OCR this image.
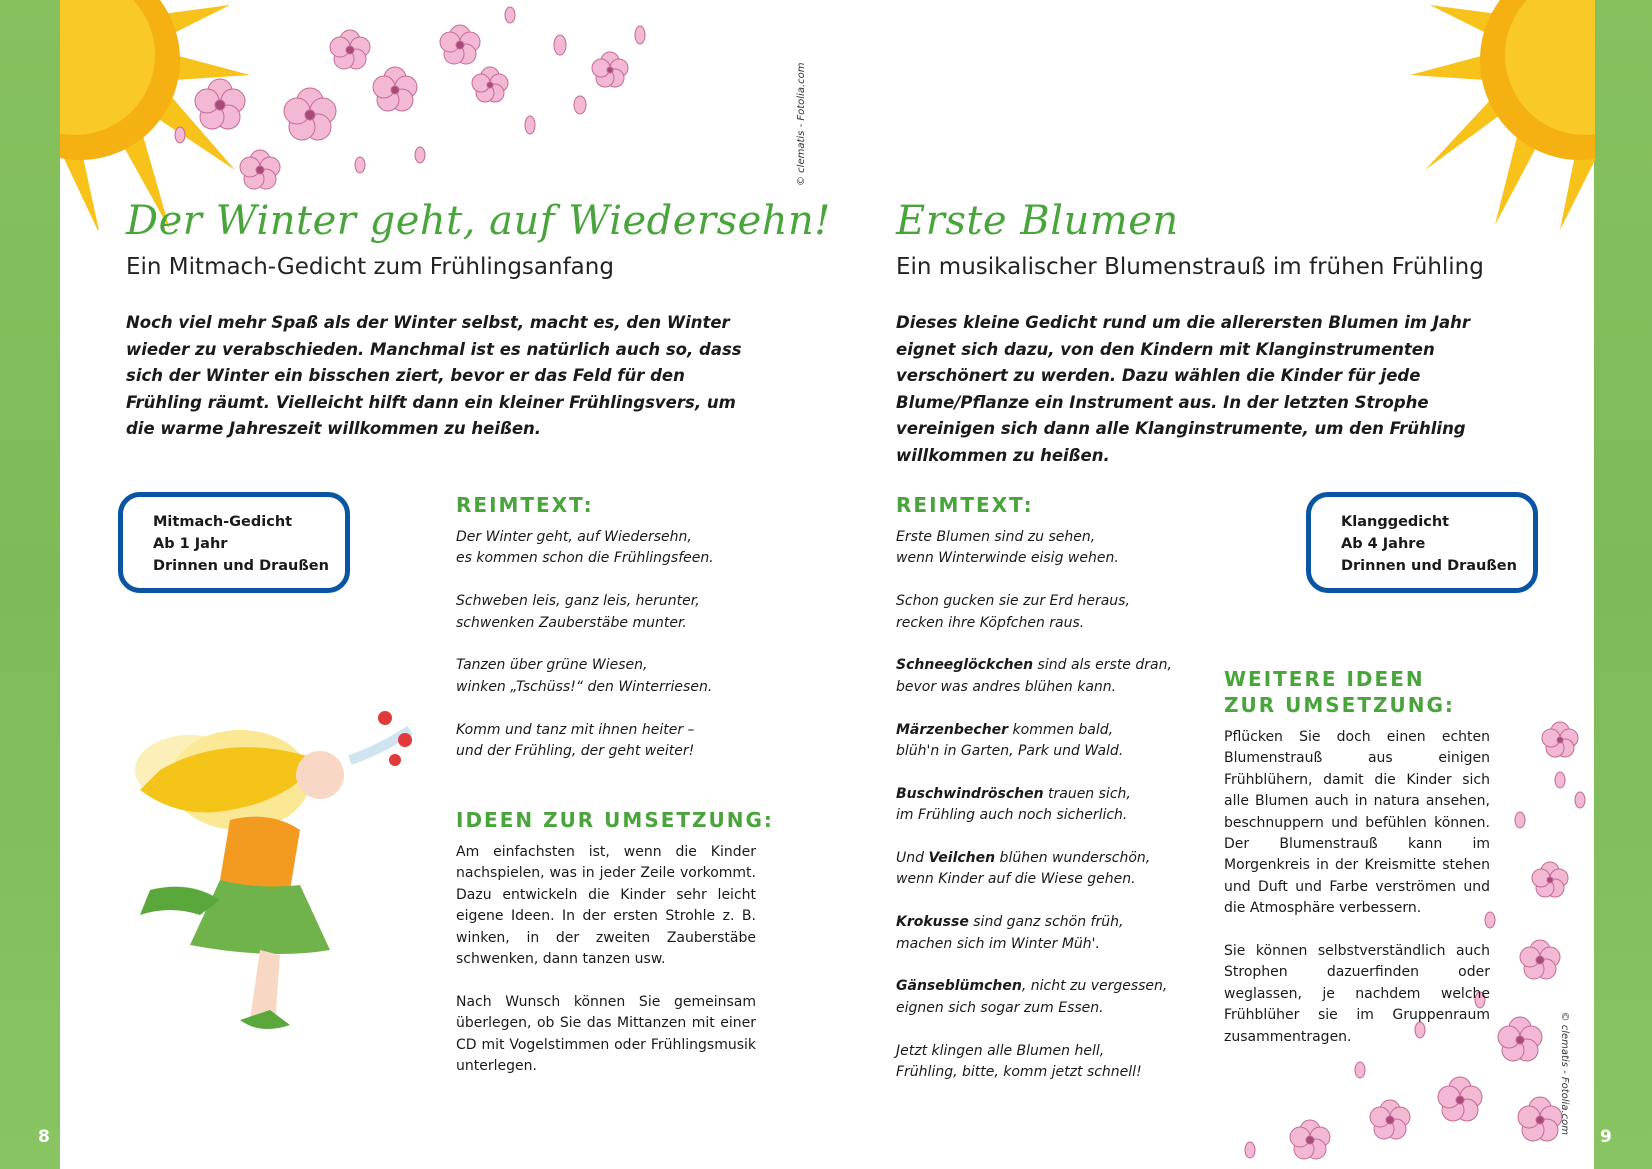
8	9
© clematis - Fotolia.com
© clematis - Fotolia.com
Der Winter geht, auf Wiedersehn!
Ein Mitmach-Gedicht zum Frühlingsanfang
Noch viel mehr Spaß als der Winter selbst, macht es, den Winter wieder zu verabschieden. Manchmal ist es natürlich auch so, dass sich der Winter ein bisschen ziert, bevor er das Feld für den Frühling räumt. Vielleicht hilft dann ein kleiner Frühlingsvers, um die warme Jahreszeit willkommen zu heißen.
Mitmach-Gedicht
Ab 1 Jahr
Drinnen und Draußen
REIMTEXT:

Der Winter geht, auf Wiedersehn,
es kommen schon die Frühlingsfeen.

Schweben leis, ganz leis, herunter,
schwenken Zauberstäbe munter.

Tanzen über grüne Wiesen,
winken „Tschüss!“ den Winterriesen.

Komm und tanz mit ihnen heiter –
und der Frühling, der geht weiter!

IDEEN ZUR UMSETZUNG:

Am einfachsten ist, wenn die Kinder nachspielen, was in jeder Zeile vorkommt. Dazu entwickeln die Kinder sehr leicht eigene Ideen. In der ersten Strohle z. B. winken, in der zweiten Zauberstäbe schwenken, dann tanzen usw.

Nach Wunsch können Sie gemeinsam überlegen, ob Sie das Mittanzen mit einer CD mit Vogelstimmen oder Frühlingsmusik unterlegen.

Erste Blumen
Ein musikalischer Blumenstrauß im frühen Frühling
Dieses kleine Gedicht rund um die allerersten Blumen im Jahr eignet sich dazu, von den Kindern mit Klanginstrumenten verschönert zu werden. Dazu wählen die Kinder für jede Blume/Pflanze ein Instrument aus. In der letzten Strophe vereinigen sich dann alle Klanginstrumente, um den Frühling willkommen zu heißen.
Klanggedicht
Ab 4 Jahre
Drinnen und Draußen
REIMTEXT:

Erste Blumen sind zu sehen,
wenn Winterwinde eisig wehen.

Schon gucken sie zur Erd heraus,
recken ihre Köpfchen raus.

Schneeglöckchen sind als erste dran,
bevor was andres blühen kann.

Märzenbecher kommen bald,
blüh'n in Garten, Park und Wald.

Buschwindröschen trauen sich,
im Frühling auch noch sicherlich.

Und Veilchen blühen wunderschön,
wenn Kinder auf die Wiese gehen.

Krokusse sind ganz schön früh,
machen sich im Winter Müh'.

Gänseblümchen, nicht zu vergessen,
eignen sich sogar zum Essen.

Jetzt klingen alle Blumen hell,
Frühling, bitte, komm jetzt schnell!

WEITERE IDEEN
ZUR UMSETZUNG:

Pflücken Sie doch einen echten Blumenstrauß aus einigen Frühblühern, damit die Kinder sich alle Blumen auch in natura ansehen, beschnuppern und befühlen können. Der Blumenstrauß kann im Morgenkreis in der Kreismitte stehen und Duft und Farbe verströmen und die Atmosphäre verbessern.

Sie können selbstverständlich auch Strophen dazuerfinden oder weglassen, je nachdem welche Frühblüher sie im Gruppenraum zusammentragen.
